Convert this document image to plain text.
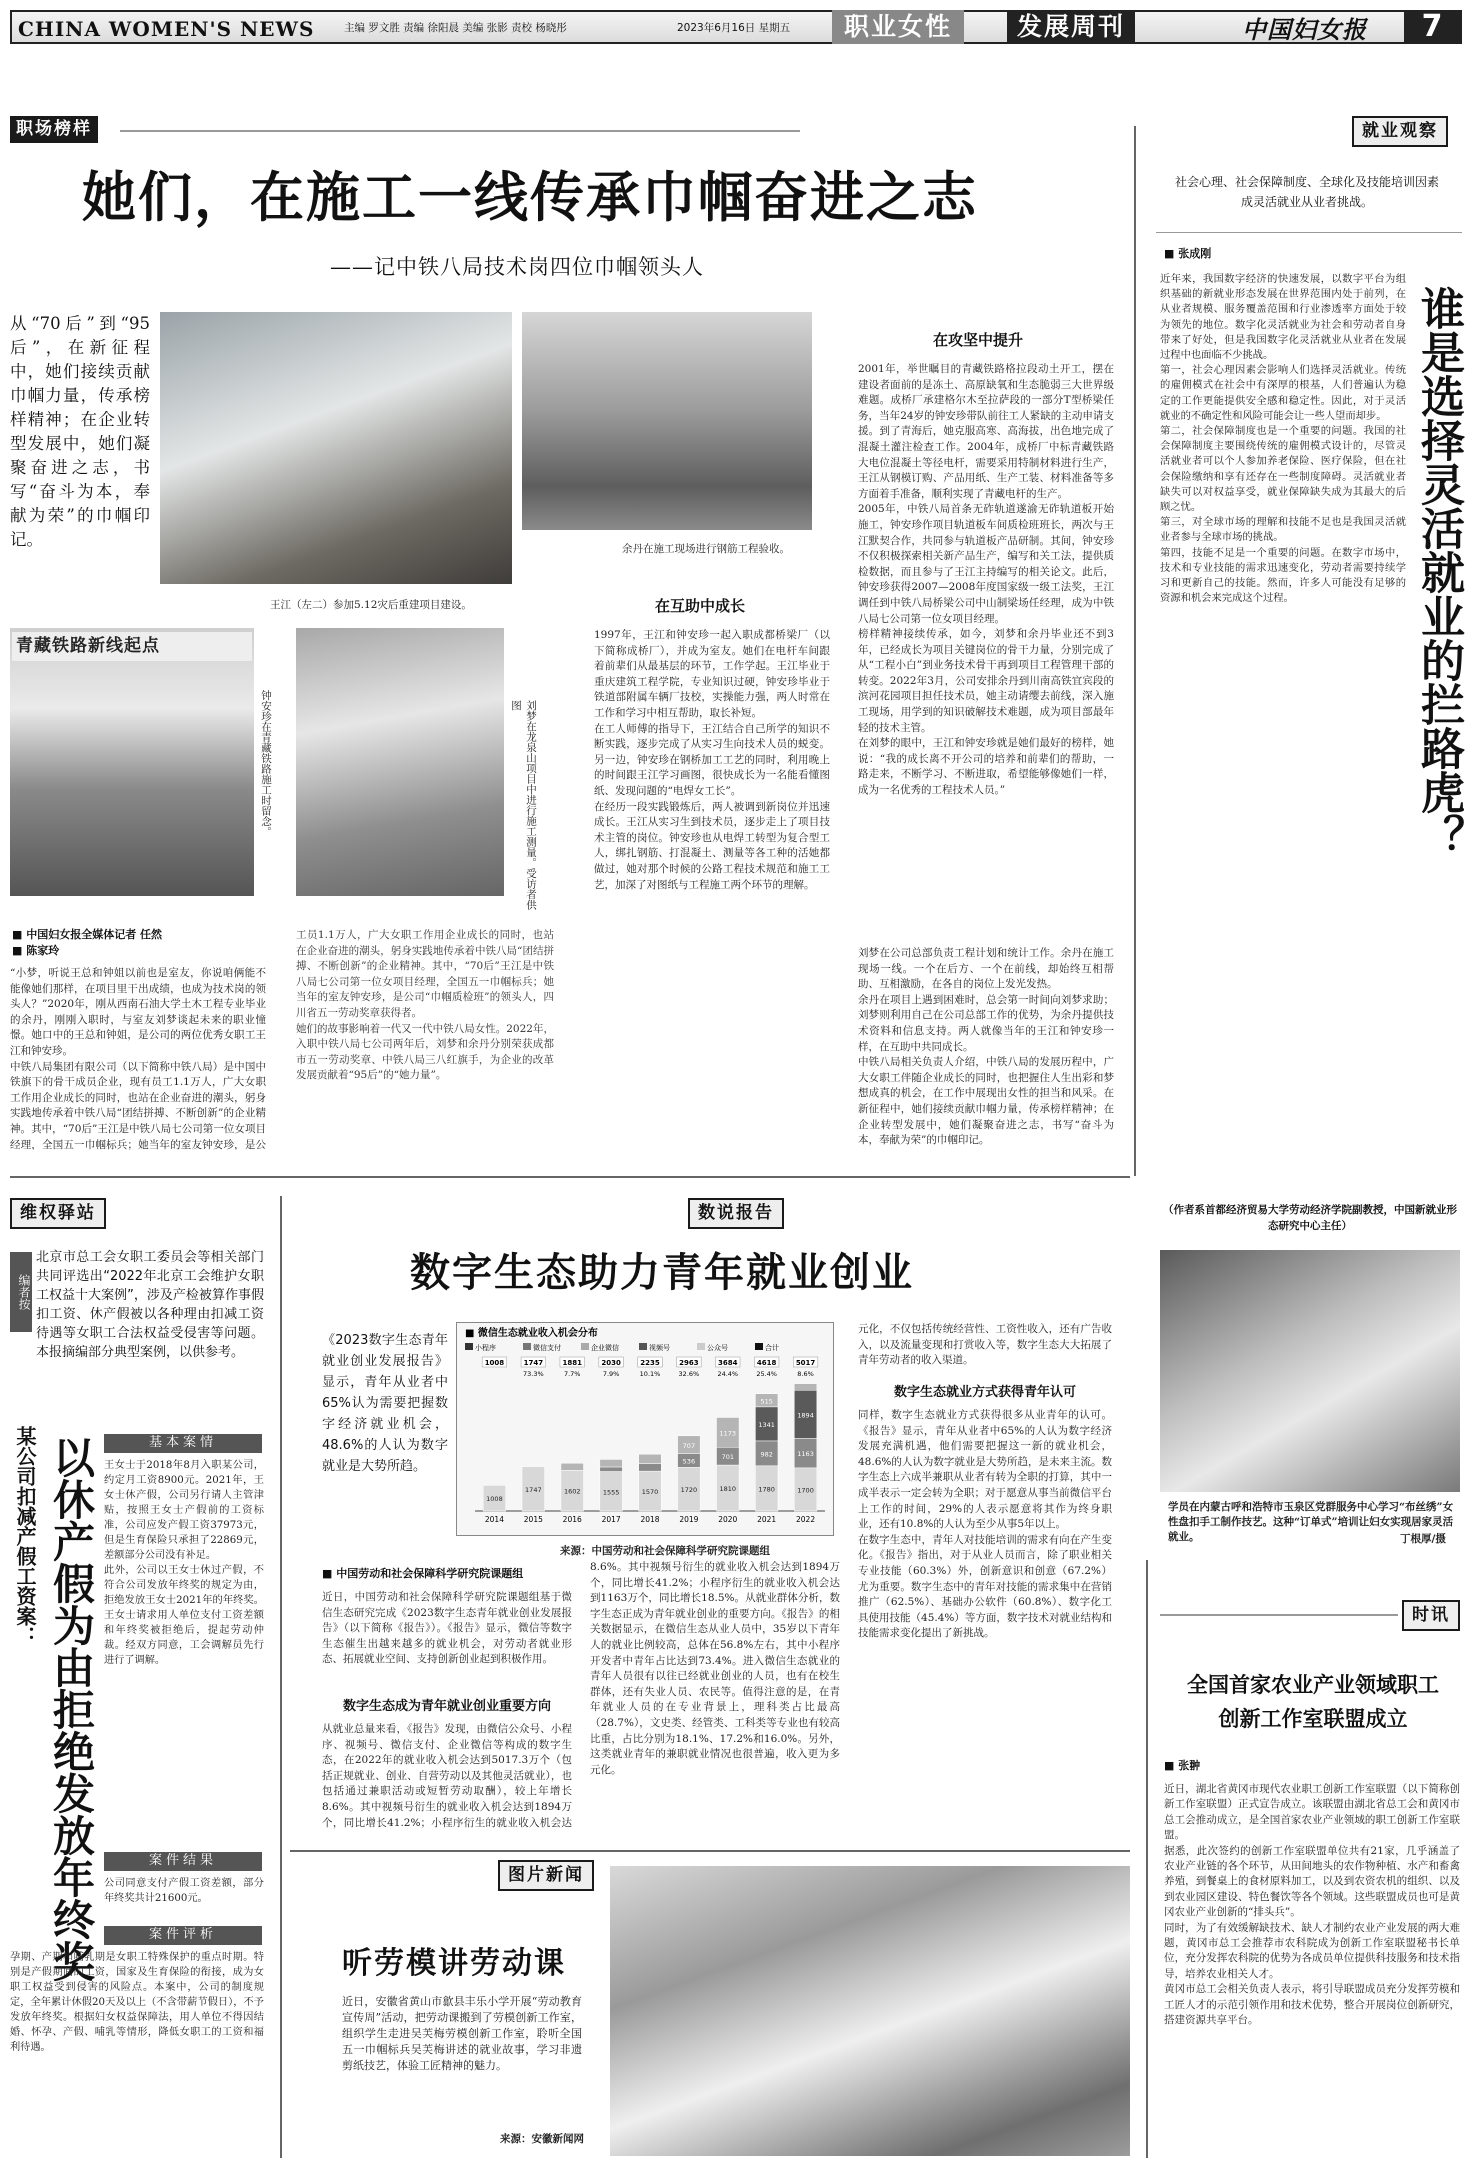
CHINA WOMEN'S NEWS	主编 罗文胜 责编 徐阳晨 美编 张影 责校 杨晓彤	2023年6月16日 星期五	职业女性	发展周刊	中国妇女报	7
职场榜样
她们，在施工一线传承巾帼奋进之志
——记中铁八局技术岗四位巾帼领头人
从“70后”到“95后”，在新征程中，她们接续贡献巾帼力量，传承榜样精神；在企业转型发展中，她们凝聚奋进之志，书写“奋斗为本，奉献为荣”的巾帼印记。
王江（左二）参加5.12灾后重建项目建设。
余丹在施工现场进行钢筋工程验收。
青藏铁路新线起点
钟安珍在青藏铁路施工时留念。	刘梦在龙泉山项目中进行施工测量。受访者供图
■ 中国妇女报全媒体记者 任然
■ 陈家玲
“小梦，听说王总和钟姐以前也是室友，你说咱俩能不能像她们那样，在项目里干出成绩，也成为技术岗的领头人？”2020年，刚从西南石油大学土木工程专业毕业的余丹，刚刚入职时，与室友刘梦谈起未来的职业憧憬。她口中的王总和钟姐，是公司的两位优秀女职工王江和钟安珍。
中铁八局集团有限公司（以下简称中铁八局）是中国中铁旗下的骨干成员企业，现有员工1.1万人，广大女职工作用企业成长的同时，也站在企业奋进的潮头，躬身实践地传承着中铁八局“团结拼搏、不断创新”的企业精神。其中，“70后”王江是中铁八局七公司第一位女项目经理，全国五一巾帼标兵；她当年的室友钟安珍，是公

工员1.1万人，广大女职工作用企业成长的同时，也站在企业奋进的潮头，躬身实践地传承着中铁八局“团结拼搏、不断创新”的企业精神。其中，“70后”王江是中铁八局七公司第一位女项目经理，全国五一巾帼标兵；她当年的室友钟安珍，是公司“巾帼质检班”的领头人，四川省五一劳动奖章获得者。
她们的故事影响着一代又一代中铁八局女性。2022年，入职中铁八局七公司两年后，刘梦和余丹分别荣获成都市五一劳动奖章、中铁八局三八红旗手，为企业的改革发展贡献着“95后”的“她力量”。
在互助中成长
1997年，王江和钟安珍一起入职成都桥梁厂（以下简称成桥厂），并成为室友。她们在电杆车间跟着前辈们从最基层的环节，工作学起。王江毕业于重庆建筑工程学院，专业知识过硬，钟安珍毕业于铁道部附属车辆厂技校，实操能力强，两人时常在工作和学习中相互帮助，取长补短。
在工人师傅的指导下，王江结合自己所学的知识不断实践，逐步完成了从实习生向技术人员的蜕变。另一边，钟安珍在钢桥加工工艺的同时，利用晚上的时间跟王江学习画图，很快成长为一名能看懂图纸、发现问题的“电焊女工长”。
在经历一段实践锻炼后，两人被调到新岗位并迅速成长。王江从实习生到技术员，逐步走上了项目技术主管的岗位。钟安珍也从电焊工转型为复合型工人，绑扎钢筋、打混凝土、测量等各工种的活她都做过，她对那个时候的公路工程技术规范和施工工艺，加深了对图纸与工程施工两个环节的理解。
在攻坚中提升
2001年，举世瞩目的青藏铁路格拉段动土开工，摆在建设者面前的是冻土、高原缺氧和生态脆弱三大世界级难题。成桥厂承建格尔木至拉萨段的一部分T型桥梁任务，当年24岁的钟安珍带队前往工人紧缺的主动申请支援。到了青海后，她克服高寒、高海拔，出色地完成了混凝土灌注检查工作。2004年，成桥厂中标青藏铁路大电位混凝土等径电杆，需要采用特制材料进行生产，王江从钢模订购、产品用纸、生产工装、材料准备等多方面着手准备，顺利实现了青藏电杆的生产。
2005年，中铁八局首条无砟轨道遂渝无砟轨道板开始施工，钟安珍作项目轨道板车间质检班班长，两次与王江默契合作，共同参与轨道板产品研制。其间，钟安珍不仅积极探索相关新产品生产，编写和关工法，提供质检数据，而且参与了王江主持编写的相关论文。此后，钟安珍获得2007—2008年度国家级一级工法奖，王江调任到中铁八局桥梁公司中山制梁场任经理，成为中铁八局七公司第一位女项目经理。
榜样精神接续传承，如今，刘梦和余丹毕业还不到3年，已经成长为项目关键岗位的骨干力量，分别完成了从“工程小白”到业务技术骨干再到项目工程管理干部的转变。2022年3月，公司安排余丹到川南高铁宜宾段的滨河花园项目担任技术员，她主动请缨去前线，深入施工现场，用学到的知识破解技术难题，成为项目部最年轻的技术主管。
在刘梦的眼中，王江和钟安珍就是她们最好的榜样，她说：“我的成长离不开公司的培养和前辈们的帮助，一路走来，不断学习、不断进取，希望能够像她们一样，成为一名优秀的工程技术人员。”
刘梦在公司总部负责工程计划和统计工作。余丹在施工现场一线。一个在后方、一个在前线，却始终互相帮助、互相激励，在各自的岗位上发光发热。
余丹在项目上遇到困难时，总会第一时间向刘梦求助；刘梦则利用自己在公司总部工作的优势，为余丹提供技术资料和信息支持。两人就像当年的王江和钟安珍一样，在互助中共同成长。
中铁八局相关负责人介绍，中铁八局的发展历程中，广大女职工伴随企业成长的同时，也把握住人生出彩和梦想成真的机会，在工作中展现出女性的担当和风采。在新征程中，她们接续贡献巾帼力量，传承榜样精神；在企业转型发展中，她们凝聚奋进之志，书写“奋斗为本，奉献为荣”的巾帼印记。
就业观察
社会心理、社会保障制度、全球化及技能培训因素成灵活就业从业者挑战。
■ 张成刚
近年来，我国数字经济的快速发展，以数字平台为组织基础的新就业形态发展在世界范围内处于前列，在从业者规模、服务覆盖范围和行业渗透率方面处于较为领先的地位。数字化灵活就业为社会和劳动者自身带来了好处，但是我国数字化灵活就业从业者在发展过程中也面临不少挑战。
第一，社会心理因素会影响人们选择灵活就业。传统的雇佣模式在社会中有深厚的根基，人们普遍认为稳定的工作更能提供安全感和稳定性。因此，对于灵活就业的不确定性和风险可能会让一些人望而却步。
第二，社会保障制度也是一个重要的问题。我国的社会保障制度主要围绕传统的雇佣模式设计的，尽管灵活就业者可以个人参加养老保险、医疗保险，但在社会保险缴纳和享有还存在一些制度障碍。灵活就业者缺失可以对权益享受，就业保障缺失成为其最大的后顾之忧。
第三，对全球市场的理解和技能不足也是我国灵活就业者参与全球市场的挑战。
第四，技能不足是一个重要的问题。在数字市场中，技术和专业技能的需求迅速变化，劳动者需要持续学习和更新自己的技能。然而，许多人可能没有足够的资源和机会来完成这个过程。	谁是选择灵活就业的拦路虎？
（作者系首都经济贸易大学劳动经济学院副教授，中国新就业形态研究中心主任）
学员在内蒙古呼和浩特市玉泉区党群服务中心学习“布丝绣”女性盘扣手工制作技艺。这种“订单式”培训让妇女实现居家灵活就业。	丁根厚/摄
维权驿站
编者按
北京市总工会女职工委员会等相关部门共同评选出“2022年北京工会维护女职工权益十大案例”，涉及产检被算作事假扣工资、休产假被以各种理由扣减工资待遇等女职工合法权益受侵害等问题。本报摘编部分典型案例，以供参考。
某公司扣减产假工资案： 以休产假为由拒绝发放年终奖	基本案情
王女士于2018年8月入职某公司，约定月工资8900元。2021年，王女士休产假，公司另行请人主管津贴，按照王女士产假前的工资标准，公司应发产假工资37973元，但是生育保险只承担了22869元，差额部分公司没有补足。
此外，公司以王女士休过产假，不符合公司发放年终奖的规定为由，拒绝发放王女士2021年的年终奖。王女士请求用人单位支付工资差额和年终奖被拒绝后，提起劳动仲裁。经双方同意，工会调解员先行进行了调解。
案件结果
公司同意支付产假工资差额，部分年终奖共计21600元。
案件评析
孕期、产期和哺乳期是女职工特殊保护的重点时期。特别是产假期间的工资，国家及生育保险的衔接，成为女职工权益受到侵害的风险点。本案中，公司的制度规定，全年累计休假20天及以上（不含带薪节假日），不予发放年终奖。根据妇女权益保障法，用人单位不得因结婚、怀孕、产假、哺乳等情形，降低女职工的工资和福利待遇。
数说报告
数字生态助力青年就业创业
《2023数字生态青年就业创业发展报告》显示，青年从业者中65%认为需要把握数字经济就业机会，48.6%的人认为数字就业是大势所趋。
■ 微信生态就业收入机会分布
小程序	微信支付	企业微信	视频号	公众号	合计
1008
2014
1008
1747
2015
1747
73.3%
1602
2016
1881
7.7%
1555
2017
2030
7.9%
1570
2018
2235
10.1%
1720
536
707
2019
2963
32.6%
1810
701
1173
2020
3684
24.4%
1780
982
1341
515
2021
4618
25.4%
1700
1163
1894
2022
5017
8.6%
来源：中国劳动和社会保障科学研究院课题组
■ 中国劳动和社会保障科学研究院课题组
近日，中国劳动和社会保障科学研究院课题组基于微信生态研究完成《2023数字生态青年就业创业发展报告》（以下简称《报告》）。《报告》显示，微信等数字生态催生出越来越多的就业机会，对劳动者就业形态、拓展就业空间、支持创新创业起到积极作用。
数字生态成为青年就业创业重要方向
从就业总量来看，《报告》发现，由微信公众号、小程序、视频号、微信支付、企业微信等构成的数字生态，在2022年的就业收入机会达到5017.3万个（包括正规就业、创业、自营劳动以及其他灵活就业），也包括通过兼职活动或短暂劳动取酬），较上年增长8.6%。其中视频号衍生的就业收入机会达到1894万个，同比增长41.2%；小程序衍生的就业收入机会达

8.6%。其中视频号衍生的就业收入机会达到1894万个，同比增长41.2%；小程序衍生的就业收入机会达到1163万个，同比增长18.5%。从就业群体分析，数字生态正成为青年就业创业的重要方向。《报告》的相关数据显示，在微信生态从业人员中，35岁以下青年人的就业比例较高，总体在56.8%左右，其中小程序开发者中青年占比达到73.4%。进入微信生态就业的青年人员很有以往已经就业创业的人员，也有在校生群体，还有失业人员、农民等。值得注意的是，在青年就业人员的在专业背景上，理科类占比最高（28.7%），文史类、经管类、工科类等专业也有较高比重，占比分别为18.1%、17.2%和16.0%。另外，这类就业青年的兼职就业情况也很普遍，收入更为多元化。
元化，不仅包括传统经营性、工资性收入，还有广告收入，以及流量变现和打赏收入等，数字生态大大拓展了青年劳动者的收入渠道。
数字生态就业方式获得青年认可
同样，数字生态就业方式获得很多从业青年的认可。《报告》显示，青年从业者中65%的人认为数字经济发展充满机遇，他们需要把握这一新的就业机会，48.6%的人认为数字就业是大势所趋，是未来主流。数字生态上六成半兼职从业者有转为全职的打算，其中一成半表示一定会转为全职；对于愿意从事当前微信平台上工作的时间，29%的人表示愿意将其作为终身职业，还有10.8%的人认为至少从事5年以上。
在数字生态中，青年人对技能培训的需求有向在产生变化。《报告》指出，对于从业人员而言，除了职业相关专业技能（60.3%）外，创新意识和创意（67.2%）尤为重要。数字生态中的青年对技能的需求集中在营销推广（62.5%）、基础办公软件（60.8%）、数字化工具使用技能（45.4%）等方面，数字技术对就业结构和技能需求变化提出了新挑战。
图片新闻
听劳模讲劳动课
近日，安徽省黄山市歙县丰乐小学开展“劳动教育宣传周”活动，把劳动课搬到了劳模创新工作室，组织学生走进吴芙梅劳模创新工作室，聆听全国五一巾帼标兵吴芙梅讲述的就业故事，学习非遗剪纸技艺，体验工匠精神的魅力。
来源：安徽新闻网
时讯
全国首家农业产业领域职工创新工作室联盟成立
■ 张翀
近日，湖北省黄冈市现代农业职工创新工作室联盟（以下简称创新工作室联盟）正式宣告成立。该联盟由湖北省总工会和黄冈市总工会推动成立，是全国首家农业产业领域的职工创新工作室联盟。
据悉，此次签约的创新工作室联盟单位共有21家，几乎涵盖了农业产业链的各个环节，从田间地头的农作物种植、水产和畜禽养殖，到餐桌上的食材原料加工，以及到农资农机的组织、以及到农业园区建设、特色餐饮等各个领域。这些联盟成员也可是黄冈农业产业创新的“排头兵”。
同时，为了有效缓解缺技术、缺人才制约农业产业发展的两大难题，黄冈市总工会推荐市农科院成为创新工作室联盟秘书长单位，充分发挥农科院的优势为各成员单位提供科技服务和技术指导，培养农业相关人才。
黄冈市总工会相关负责人表示，将引导联盟成员充分发挥劳模和工匠人才的示范引领作用和技术优势，整合开展岗位创新研究，搭建资源共享平台。
